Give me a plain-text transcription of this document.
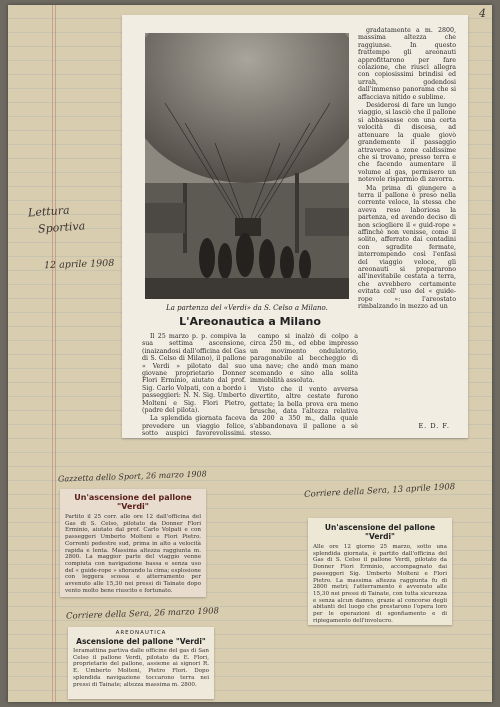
4
Lettura
Sportiva
12 aprile 1908
La partenza del «Verdi» da S. Celso a Milano.
L'Areonautica a Milano

Il 25 marzo p. p. compiva la sua settima ascensione, (inaizandosi dall'officina del Gas di S. Celso di Milano), il pallone « Verdi » pilotato dal suo giovane proprietario Donner Flori Erminio, aiutato dal prof. Sig. Carlo Volpati, con a bordo i passeggieri: N. N. Sig. Umberto Molteni e Sig. Flori Pietro, (padre del pilota).

La splendida giornata faceva prevedere un viaggio felice, sotto auspici favorevolissimi.

campo si inalzò di colpo a circa 250 m., ed ebbe impresso un movimento ondulatorio, paragonabile al beccheggio di una nave; che andò man mano scemando e sino alla solita immobilità assoluta.

Visto che il vento avversa divertito, altre cestate furono gettate; la bella prova era meno brusche, data l'altezza relativa da 200 a 350 m., dalla quale s'abbandonava il pallone a sè stesso.

gradatamente a m. 2800, massima altezza che raggiunse. In questo frattempo gli areonauti approfittarono per fare colazione, che riuscì allegra con copiosissimi brindisi ed urrah, godendosi dall'immenso panorama che si affacciava nitido e sublime.

Desiderosi di fare un lungo viaggio, si lasciò che il pallone si abbassasse con una certa velocità di discesa, ad attenuare la quale giovò grandemente il passaggio attraverso a zone caldissime che si trovano, presso terra e che facendo aumentare il volume al gas, permisero un notevole risparmio di zavorra.

Ma prima di giungere a terra il pallone è preso nella corrente veloce, la stessa che aveva reso laboriosa la partenza, ed avendo deciso di non sciogliere il « guid-rope » affinchè non venisse, come il solito, afferrato dai contadini con sgradite fermate, interrompendo così l'enfasi del viaggio veloce, gli areonauti si prepararono all'inevitabile cestata a terra, che avvebbero certamente evitata coll' uso del « guide-rope »: l'areostato rimbalzando in mezzo ad un

E. D. F.
Gazzetta dello Sport, 26 marzo 1908
Un'ascensione del pallone "Verdi"
Partito il 25 corr. alle ore 12 dall'officina del Gas di S. Celso, pilotato da Donner Flori Erminio, aiutato dal prof. Carlo Volpati e con passeggeri Umberto Molteni e Flori Pietro. Correnti pedestre sud, prima in alto a velocità rapida e lenta. Massima altezza raggiunta m. 2800. La maggior parte del viaggio venne compiuta con navigazione bassa e senza uso del « guide-rope » sfiorando la cima; esplosione con leggera scossa e atterramento per avvenuto alle 15,30 nei pressi di Tainate dopo vento molto bene riuscito e fortunato.
Corriere della Sera, 13 aprile 1908
Un'ascensione del pallone "Verdi"
Alle ore 12 giorno 25 marzo, sotto una splendida giornata, è partito dall'officina del Gas di S. Celso il pallone Verdi, pilotato da Donner Flori Erminio, accompagnato dai passeggeri Sig. Umberto Molteni e Flori Pietro. La massima altezza raggiunta fu di 2800 metri; l'atterramento è avvenuto alle 15,30 nei pressi di Tainate, con tutta sicurezza e senza alcun danno, grazie al concorso degli abitanti del luogo che prestarono l'opera loro per le operazioni di sgonfiamento e di ripiegamento dell'involucro.
Corriere della Sera, 26 marzo 1908
AREONAUTICA
Ascensione del pallone "Verdi"
Ieramattina partiva dalle officine del gas di San Celso il pallone Verdi, pilotato da E. Flori, proprietario del pallone, assieme ai signori R. E. Umberto Molteni, Pietro Flori. Dopo splendida navigazione toccarono terra nei pressi di Tainate; altezza massima m. 2800.
